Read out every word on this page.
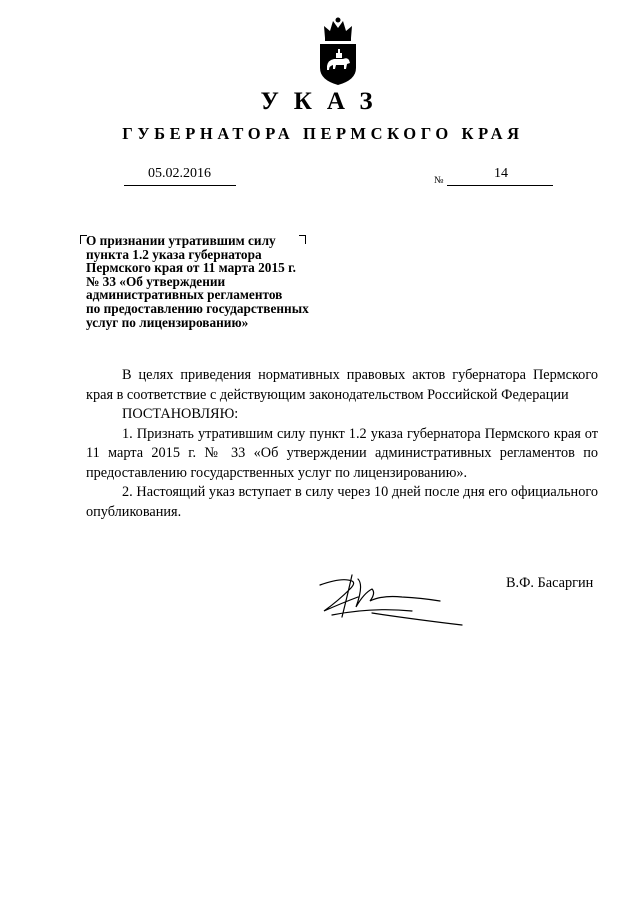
УКАЗ
ГУБЕРНАТОРА ПЕРМСКОГО КРАЯ
05.02.2016	№	14
О признании утратившим силу
пункта 1.2 указа губернатора
Пермского края от 11 марта 2015 г.
№ 33 «Об утверждении
административных регламентов
по предоставлению государственных
услуг по лицензированию»

В целях приведения нормативных правовых актов губернатора Пермского края в соответствие с действующим законодательством Российской Федерации

ПОСТАНОВЛЯЮ:

1. Признать утратившим силу пункт 1.2 указа губернатора Пермского края от 11 марта 2015 г. № 33 «Об утверждении административных регламентов по предоставлению государственных услуг по лицензированию».

2. Настоящий указ вступает в силу через 10 дней после дня его официального опубликования.

В.Ф. Басаргин
